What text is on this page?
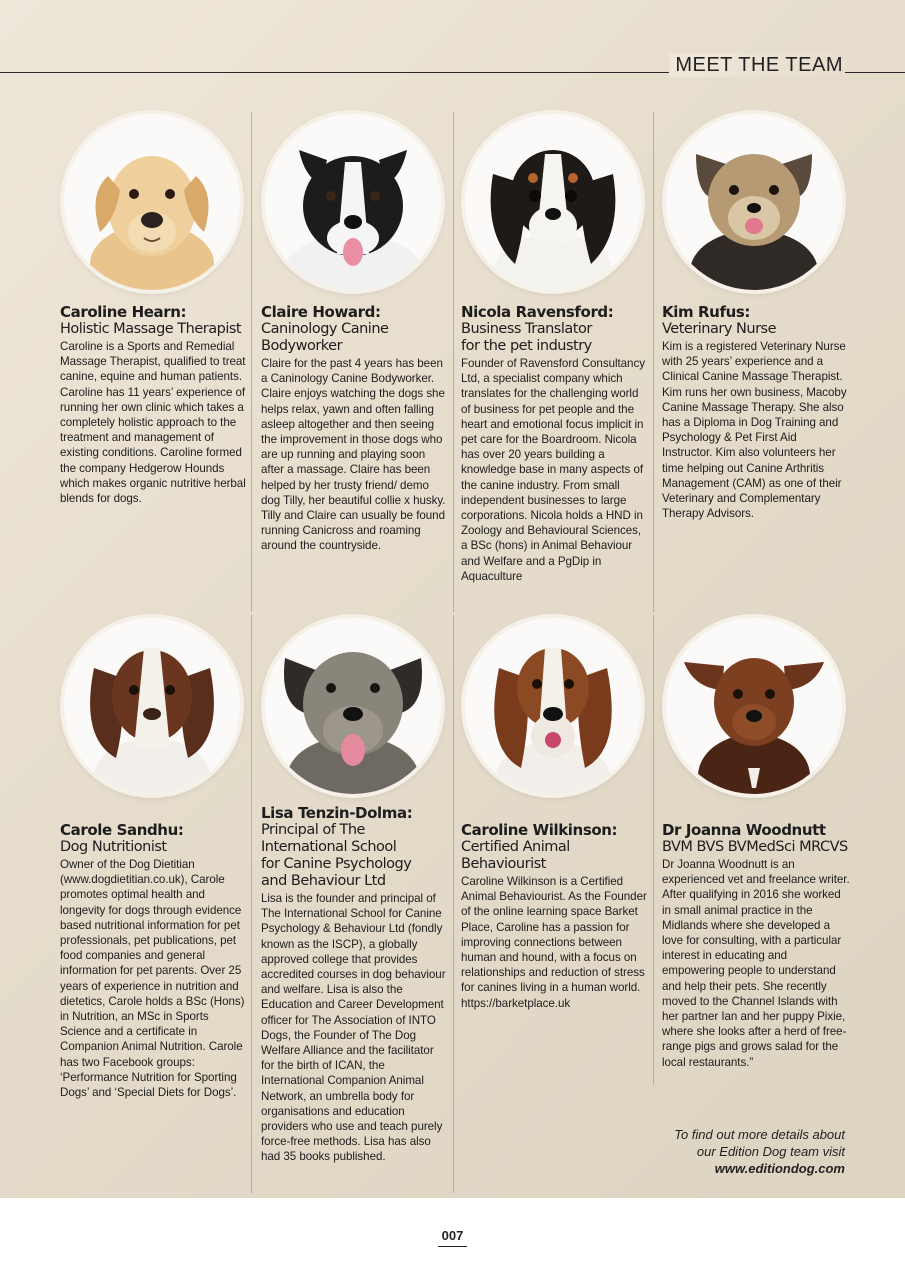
MEET THE TEAM
Caroline Hearn:
Holistic Massage Therapist
Caroline is a Sports and Remedial Massage Therapist, qualified to treat canine, equine and human patients. Caroline has 11 years’ experience of running her own clinic which takes a completely holistic approach to the treatment and management of existing conditions. Caroline formed the company Hedgerow Hounds which makes organic nutritive herbal blends for dogs.
Claire Howard:
Caninology Canine Bodyworker
Claire for the past 4 years has been a Caninology Canine Bodyworker. Claire enjoys watching the dogs she helps relax, yawn and often falling asleep altogether and then seeing the improvement in those dogs who are up running and playing soon after a massage. Claire has been helped by her trusty friend/ demo dog Tilly, her beautiful collie x husky. Tilly and Claire can usually be found running Canicross and roaming around the countryside.
Nicola Ravensford:
Business Translator for the pet industry
Founder of Ravensford Consultancy Ltd, a specialist company which translates for the challenging world of business for pet people and the heart and emotional focus implicit in pet care for the Boardroom. Nicola has over 20 years building a knowledge base in many aspects of the canine industry. From small independent businesses to large corporations. Nicola holds a HND in Zoology and Behavioural Sciences, a BSc (hons) in Animal Behaviour and Welfare and a PgDip in Aquaculture
Kim Rufus:
Veterinary Nurse
Kim is a registered Veterinary Nurse with 25 years’ experience and a Clinical Canine Massage Therapist. Kim runs her own business, Macoby Canine Massage Therapy. She also has a Diploma in Dog Training and Psychology & Pet First Aid Instructor. Kim also volunteers her time helping out Canine Arthritis Management (CAM) as one of their Veterinary and Complementary Therapy Advisors.
Carole Sandhu:
Dog Nutritionist
Owner of the Dog Dietitian (www.dogdietitian.co.uk), Carole promotes optimal health and longevity for dogs through evidence based nutritional information for pet professionals, pet publications, pet food companies and general information for pet parents. Over 25 years of experience in nutrition and dietetics, Carole holds a BSc (Hons) in Nutrition, an MSc in Sports Science and a certificate in Companion Animal Nutrition. Carole has two Facebook groups: ‘Performance Nutrition for Sporting Dogs’ and ‘Special Diets for Dogs’.
Lisa Tenzin-Dolma:
Principal of The International School for Canine Psychology and Behaviour Ltd
Lisa is the founder and principal of The International School for Canine Psychology & Behaviour Ltd (fondly known as the ISCP), a globally approved college that provides accredited courses in dog behaviour and welfare. Lisa is also the Education and Career Development officer for The Association of INTO Dogs, the Founder of The Dog Welfare Alliance and the facilitator for the birth of ICAN, the International Companion Animal Network, an umbrella body for organisations and education providers who use and teach purely force-free methods. Lisa has also had 35 books published.
Caroline Wilkinson:
Certified Animal Behaviourist
Caroline Wilkinson is a Certified Animal Behaviourist. As the Founder of the online learning space Barket Place, Caroline has a passion for improving connections between human and hound, with a focus on relationships and reduction of stress for canines living in a human world. https://barketplace.uk
Dr Joanna Woodnutt
BVM BVS BVMedSci MRCVS
Dr Joanna Woodnutt is an experienced vet and freelance writer. After qualifying in 2016 she worked in small animal practice in the Midlands where she developed a love for consulting, with a particular interest in educating and empowering people to understand and help their pets. She recently moved to the Channel Islands with her partner Ian and her puppy Pixie, where she looks after a herd of free-range pigs and grows salad for the local restaurants.”
To find out more details about
our Edition Dog team visit
www.editiondog.com
007
